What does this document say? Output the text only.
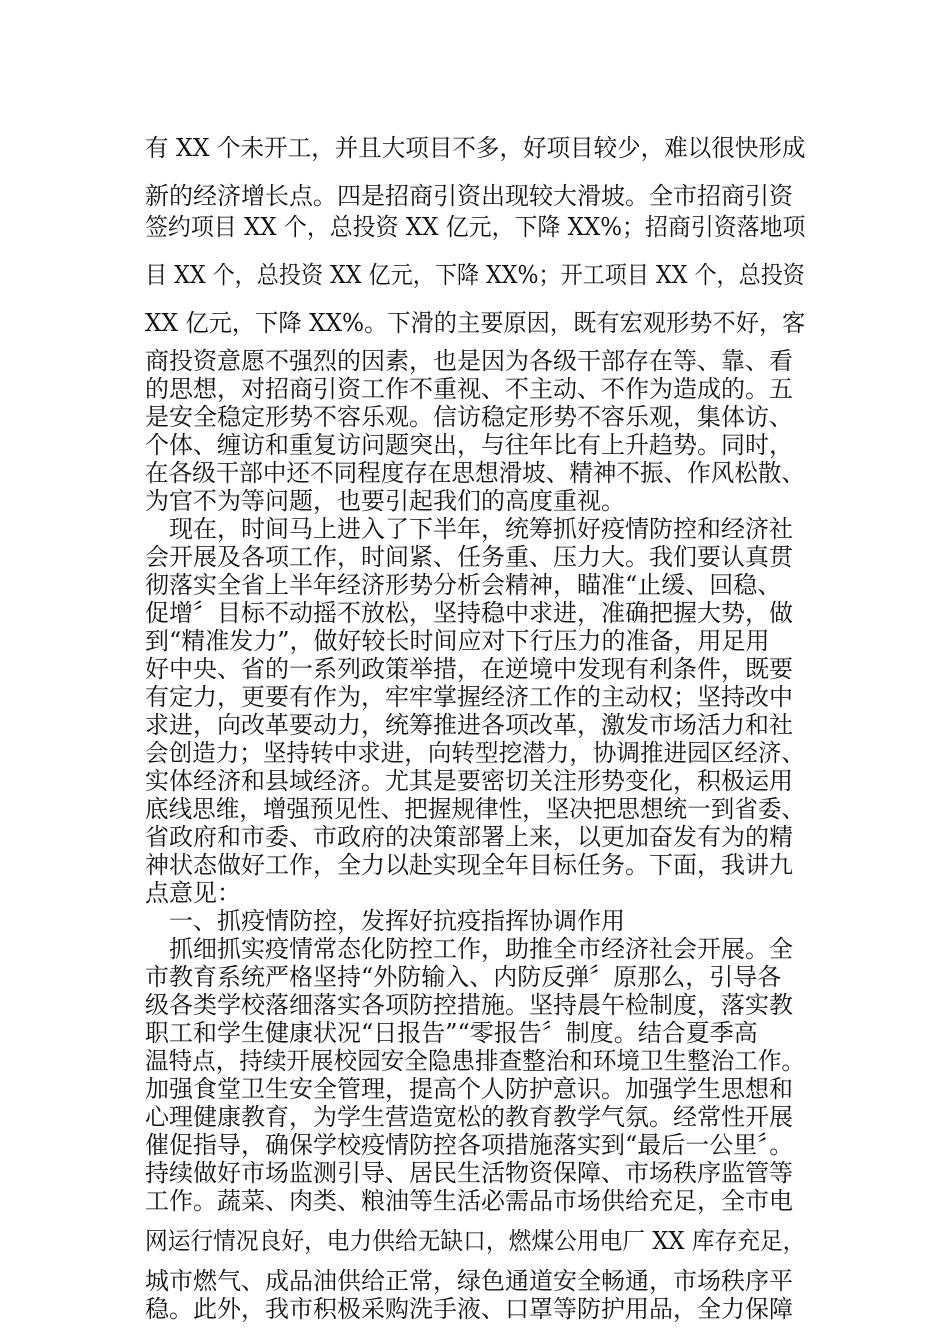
有 XX 个未开工，并且大项目不多，好项目较少，难以很快形成
新的经济增长点。四是招商引资出现较大滑坡。全市招商引资
签约项目 XX 个，总投资 XX 亿元，下降 XX%；招商引资落地项
目 XX 个，总投资 XX 亿元，下降 XX%；开工项目 XX 个，总投资
XX 亿元，下降 XX%。下滑的主要原因，既有宏观形势不好，客
商投资意愿不强烈的因素，也是因为各级干部存在等、靠、看
的思想，对招商引资工作不重视、不主动、不作为造成的。五
是安全稳定形势不容乐观。信访稳定形势不容乐观，集体访、
个体、缠访和重复访问题突出，与往年比有上升趋势。同时，
在各级干部中还不同程度存在思想滑坡、精神不振、作风松散、
为官不为等问题，也要引起我们的高度重视。
　现在，时间马上进入了下半年，统筹抓好疫情防控和经济社
会开展及各项工作，时间紧、任务重、压力大。我们要认真贯
彻落实全省上半年经济形势分析会精神，瞄准“止缓、回稳、
促增〞目标不动摇不放松，坚持稳中求进，准确把握大势，做
到“精准发力”，做好较长时间应对下行压力的准备，用足用
好中央、省的一系列政策举措，在逆境中发现有利条件，既要
有定力，更要有作为，牢牢掌握经济工作的主动权；坚持改中
求进，向改革要动力，统筹推进各项改革，激发市场活力和社
会创造力；坚持转中求进，向转型挖潜力，协调推进园区经济、
实体经济和县域经济。尤其是要密切关注形势变化，积极运用
底线思维，增强预见性、把握规律性，坚决把思想统一到省委、
省政府和市委、市政府的决策部署上来，以更加奋发有为的精
神状态做好工作，全力以赴实现全年目标任务。下面，我讲九
点意见：
　一、抓疫情防控，发挥好抗疫指挥协调作用
　抓细抓实疫情常态化防控工作，助推全市经济社会开展。全
市教育系统严格坚持“外防输入、内防反弹〞原那么，引导各
级各类学校落细落实各项防控措施。坚持晨午检制度，落实教
职工和学生健康状况“日报告”“零报告〞制度。结合夏季高
温特点，持续开展校园安全隐患排查整治和环境卫生整治工作。
加强食堂卫生安全管理，提高个人防护意识。加强学生思想和
心理健康教育，为学生营造宽松的教育教学气氛。经常性开展
催促指导，确保学校疫情防控各项措施落实到“最后一公里〞。
持续做好市场监测引导、居民生活物资保障、市场秩序监管等
工作。蔬菜、肉类、粮油等生活必需品市场供给充足，全市电
网运行情况良好，电力供给无缺口，燃煤公用电厂 XX 库存充足，
城市燃气、成品油供给正常，绿色通道安全畅通，市场秩序平
稳。此外，我市积极采购洗手液、口罩等防护用品，全力保障
